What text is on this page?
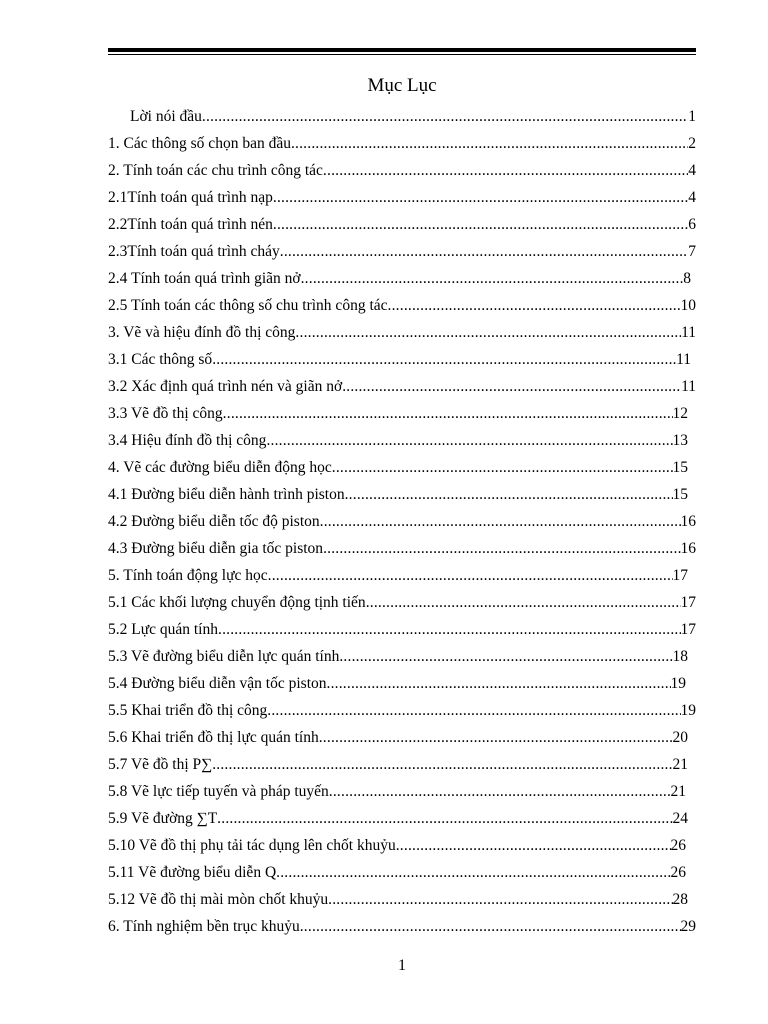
Mục Lục
Lời nói đầu .....	1
1. Các thông số chọn ban đầu .....	2
2. Tính toán các chu trình công tác .....	4
2.1Tính toán quá trình nạp .....	4
2.2Tính toán quá trình nén .....	6
2.3Tính toán quá trình cháy .....	7
2.4 Tính toán quá trình giãn nở .....	8
2.5 Tính toán các thông số chu trình công tác .....	10
3. Vẽ và hiệu đính đồ thị công .....	11
3.1 Các thông số .....	11
3.2 Xác định quá trình nén và giãn nở .....	11
3.3 Vẽ đồ thị công .....	12
3.4 Hiệu đính đồ thị công .....	13
4. Vẽ các đường biểu diễn động học .....	15
4.1 Đường biểu diễn hành trình piston .....	15
4.2 Đường biểu diễn tốc độ piston .....	16
4.3 Đường biểu diễn gia tốc piston .....	16
5. Tính toán động lực học .....	17
5.1 Các khối lượng chuyển động tịnh tiến .....	17
5.2 Lực quán tính .....	17
5.3 Vẽ đường biểu diễn lực quán tính .....	18
5.4 Đường biểu diễn vận tốc piston .....	19
5.5 Khai triển đồ thị công .....	19
5.6 Khai triển đồ thị lực quán tính .....	20
5.7 Vẽ đồ thị P∑ .....	21
5.8 Vẽ lực tiếp tuyến và pháp tuyến .....	21
5.9 Vẽ đường ∑T .....	24
5.10 Vẽ đồ thị phụ tải tác dụng lên chốt khuỷu .....	26
5.11 Vẽ đường biểu diễn Q .....	26
5.12 Vẽ đồ thị mài mòn chốt khuỷu .....	28
6. Tính nghiệm bền trục khuỷu .....	29
1
